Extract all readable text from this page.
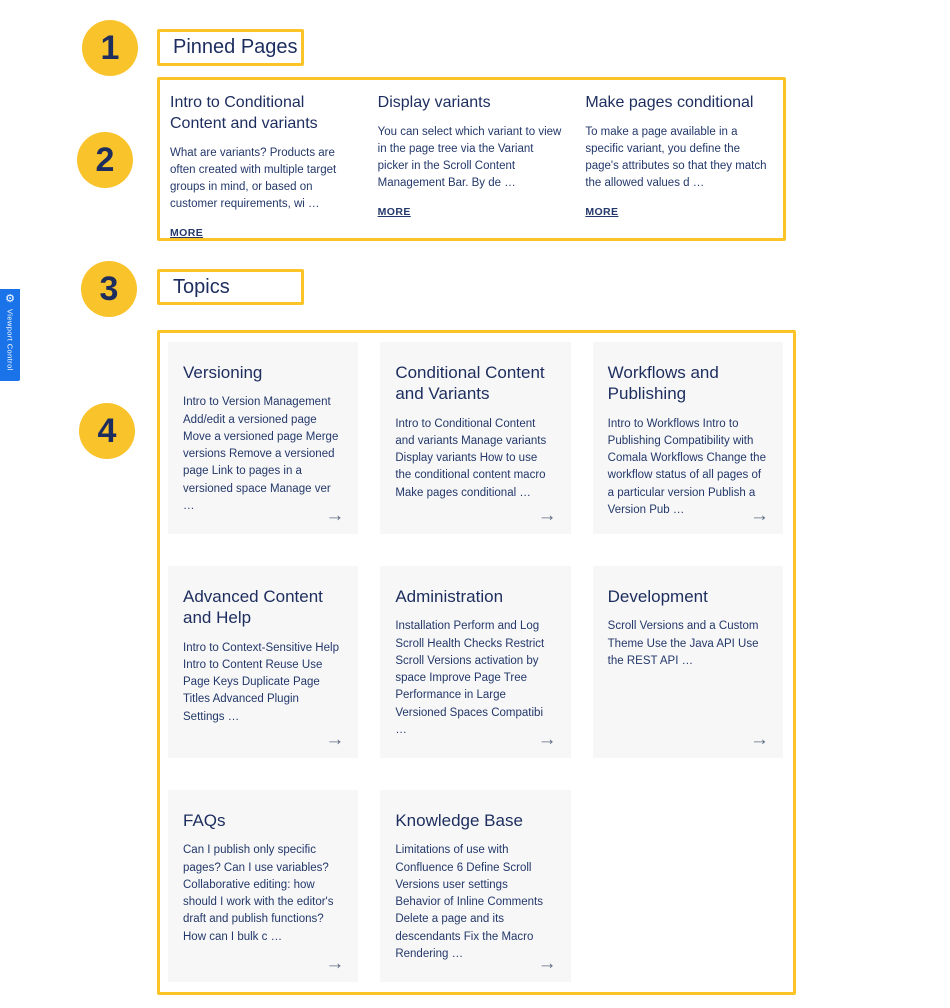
1
2
3
4
⚙
Viewport Control
Pinned Pages
Intro to Conditional Content and variants

What are variants? Products are often created with multiple target groups in mind, or based on customer requirements, wi …

MORE
Display variants

You can select which variant to view in the page tree via the Variant picker in the Scroll Content Management Bar. By de …

MORE
Make pages conditional

To make a page available in a specific variant, you define the page's attributes so that they match the allowed values d …

MORE
Topics
Versioning

Intro to Version Management Add/edit a versioned page Move a versioned page Merge versions Remove a versioned page Link to pages in a versioned space Manage ver …	→
Conditional Content and Variants

Intro to Conditional Content and variants Manage variants Display variants How to use the conditional content macro Make pages conditional …

→
Workflows and Publishing

Intro to Workflows Intro to Publishing Compatibility with Comala Workflows Change the workflow status of all pages of a particular version Publish a Version Pub …	→
Advanced Content and Help

Intro to Context-Sensitive Help Intro to Content Reuse Use Page Keys Duplicate Page Titles Advanced Plugin Settings …

→
Administration

Installation Perform and Log Scroll Health Checks Restrict Scroll Versions activation by space Improve Page Tree Performance in Large Versioned Spaces Compatibi …	→
Development

Scroll Versions and a Custom Theme Use the Java API Use the REST API …

→
FAQs

Can I publish only specific pages? Can I use variables? Collaborative editing: how should I work with the editor's draft and publish functions? How can I bulk c …

→
Knowledge Base

Limitations of use with Confluence 6 Define Scroll Versions user settings Behavior of Inline Comments Delete a page and its descendants Fix the Macro Rendering …	→
